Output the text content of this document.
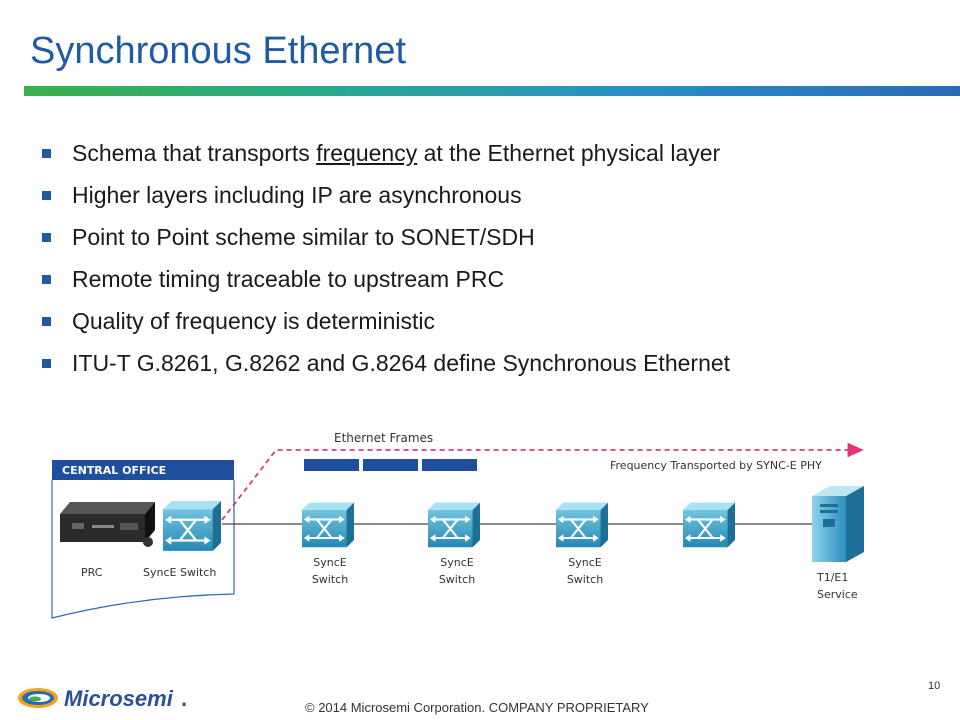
Synchronous Ethernet
Schema that transports frequency at the Ethernet physical layer
Higher layers including IP are asynchronous
Point to Point scheme similar to SONET/SDH
Remote timing traceable to upstream PRC
Quality of frequency is deterministic
ITU-T G.8261, G.8262 and G.8264 define Synchronous Ethernet
Ethernet Frames
Frequency Transported by SYNC-E PHY
CENTRAL OFFICE
PRC	SyncE Switch
SyncE
Switch
SyncE
Switch
SyncE
Switch	T1/E1
Service
Microsemi .	© 2014 Microsemi Corporation. COMPANY PROPRIETARY
10
